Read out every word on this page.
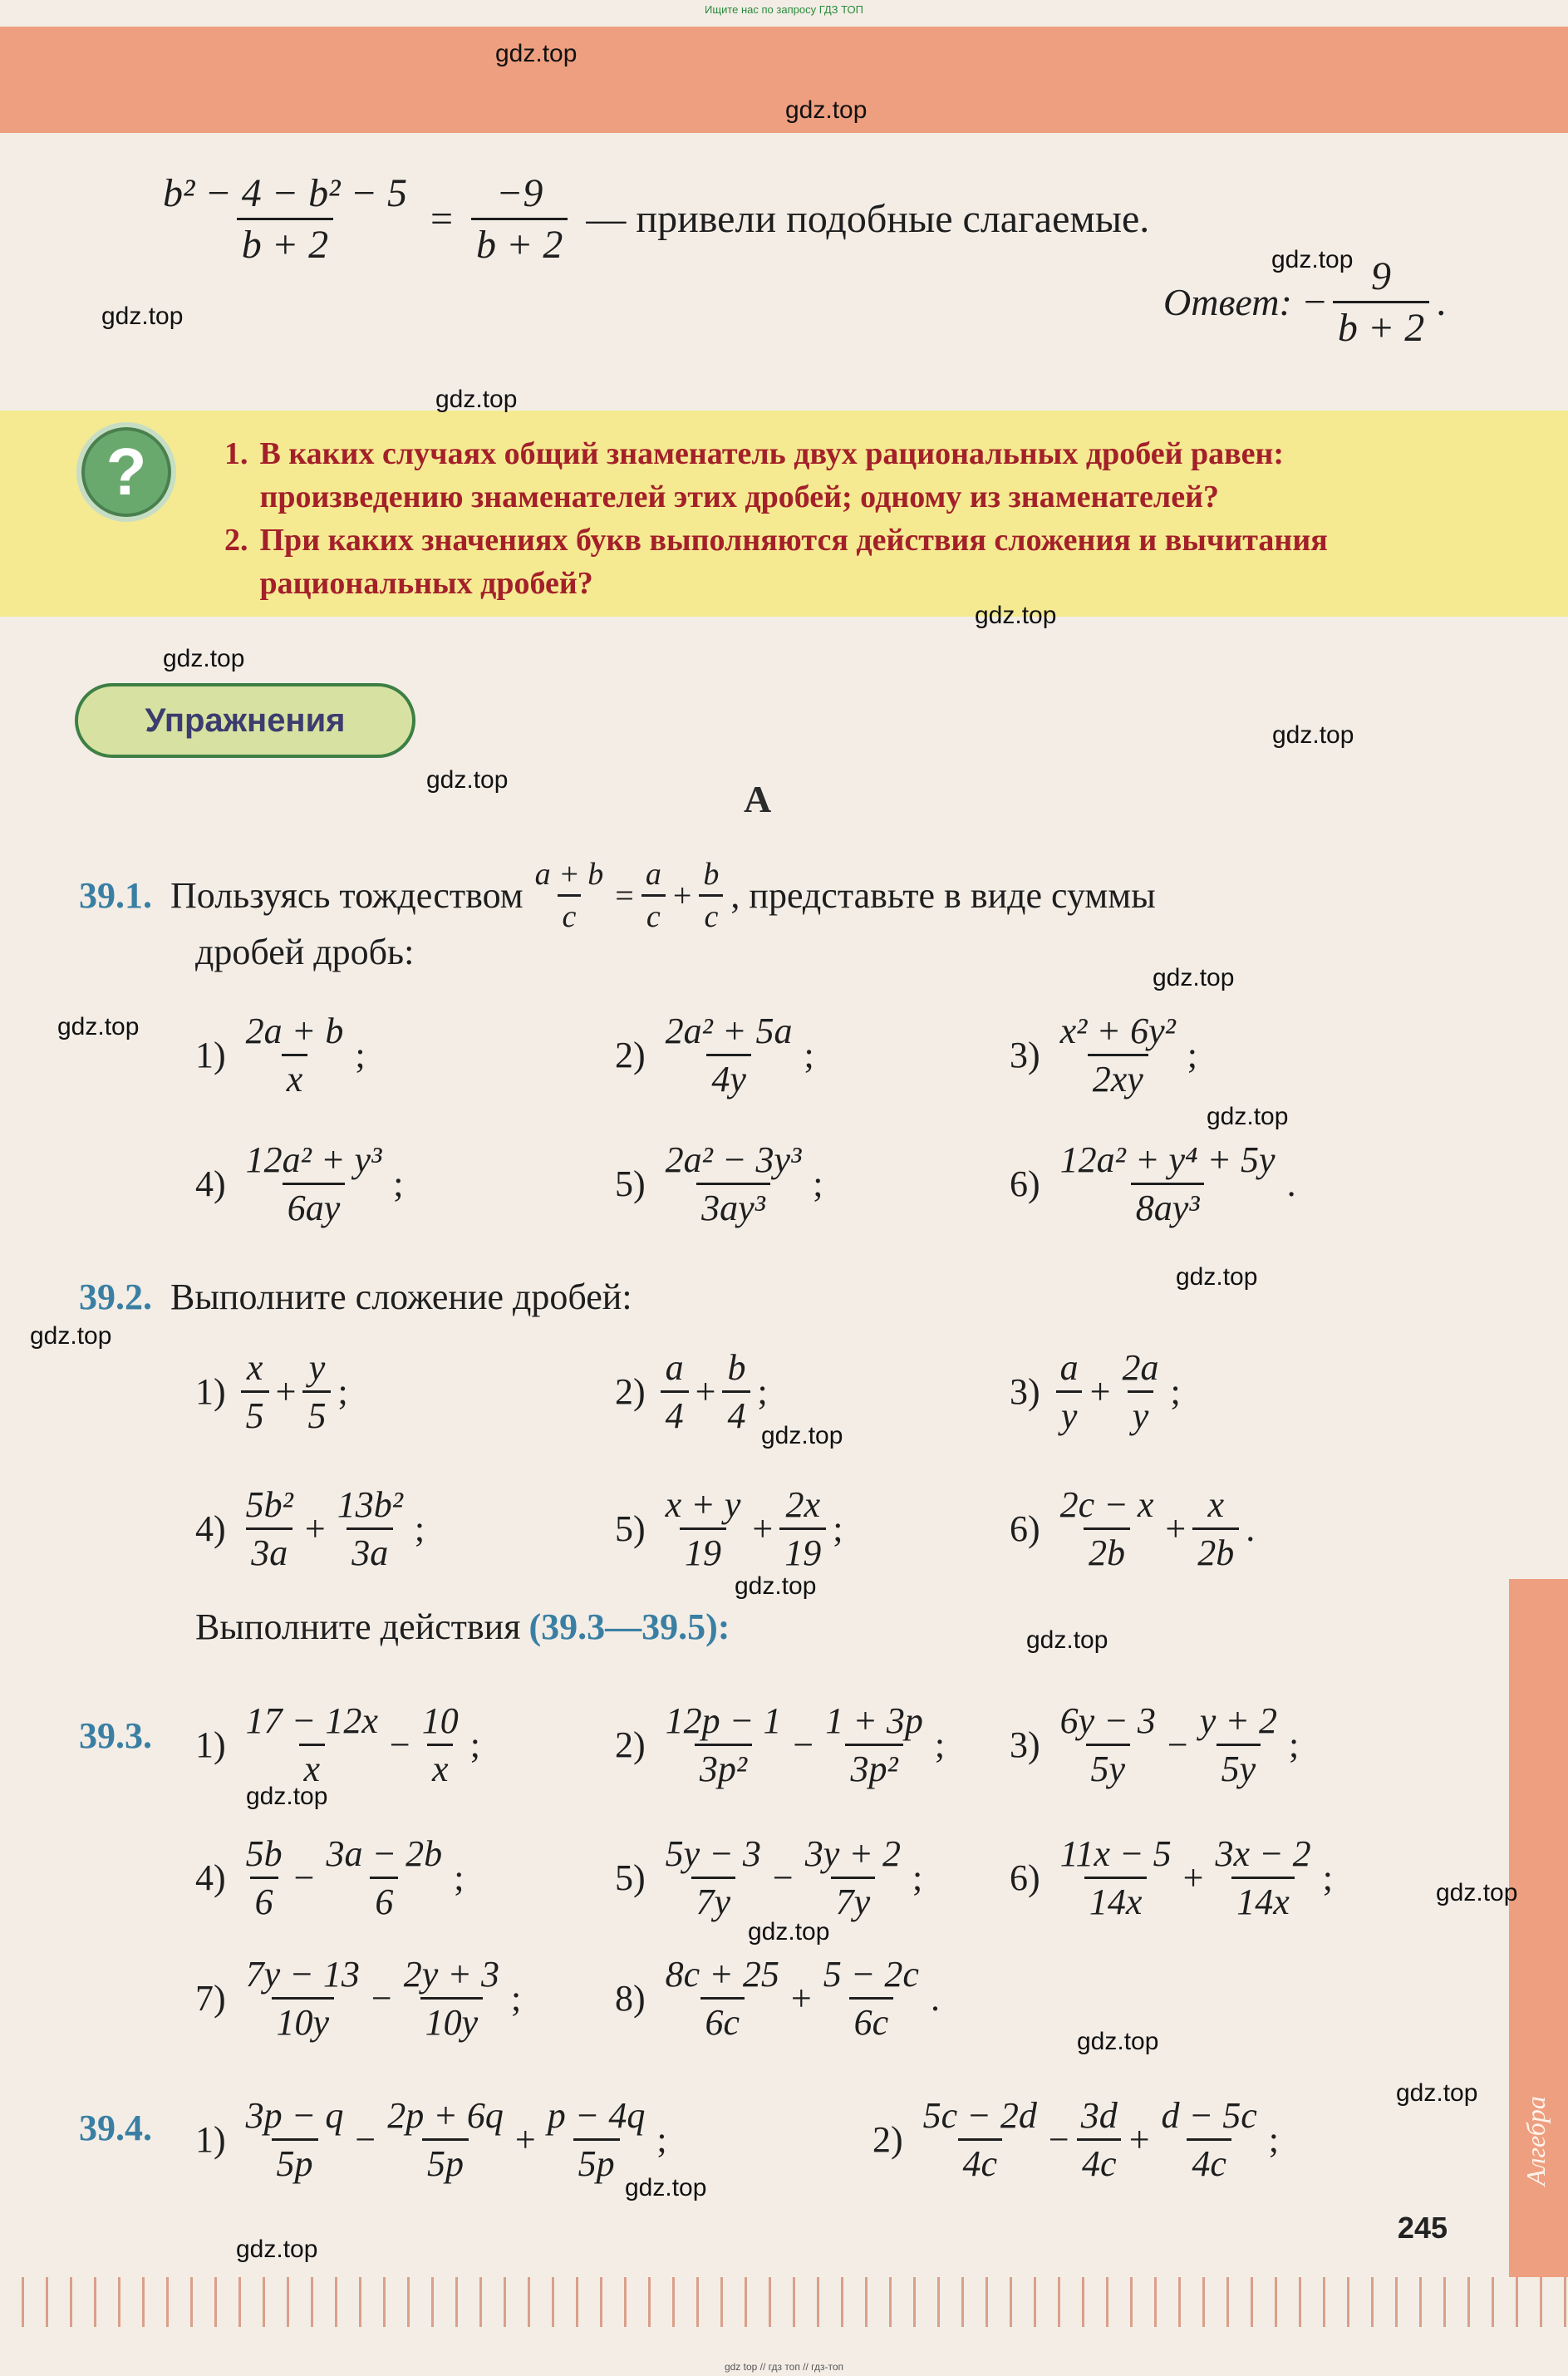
Ищите нас по запросу ГДЗ ТОП
$\frac{\text{b² − 4 − b² − 5}}{b + 2} = \frac{-9}{b + 2}$ — привели подобные слагаемые.
Ответ: − $\frac{9}{b + 2}$ .
?	1. В каких случаях общий знаменатель двух рациональных дробей равен: произведению знаменателей этих дробей; одному из знаменателей?
2. При каких значениях букв выполняются действия сложения и вычитания рациональных дробей?
Упражнения
A
39.1. Пользуясь тождеством $\frac{a + b}{c} = \frac{a}{c} + \frac{b}{c}$ , представьте в виде суммы
дробей дробь:
$1) \frac{2a + b}{x}$ ;	$2) \frac{\text{2a² + 5a}}{4y}$ ;	$3) \frac{\text{x² + 6y²}}{2xy}$ ;
$4) \frac{\text{12a² + y³}}{6ay}$ ;	$5) \frac{\text{2a² − 3y³}}{\text{3ay³}}$ ;	$6) \frac{\text{12a² + y⁴ + 5y}}{\text{8ay³}}$ .
39.2. Выполните сложение дробей:
$1) \frac{x}{5} + \frac{y}{5}$ ;	$2) \frac{a}{4} + \frac{b}{4}$ ;	$3) \frac{a}{y} + \frac{2a}{y}$ ;
$4) \frac{\text{5b²}}{3a} + \frac{\text{13b²}}{3a}$ ;	$5) \frac{x + y}{19} + \frac{2x}{19}$ ;	$6) \frac{2c - x}{2b} + \frac{x}{2b}$ .
Выполните действия (39.3—39.5):
39.3. $1) \frac{17 - 12x}{x} - \frac{10}{x}$ ;	$2) \frac{12p - 1}{\text{3p²}} - \frac{1 + 3p}{\text{3p²}}$ ; $3) \frac{6y - 3}{5y} - \frac{y + 2}{5y}$ ;
$4) \frac{5b}{6} - \frac{3a - 2b}{6}$ ;	$5) \frac{5y - 3}{7y} - \frac{3y + 2}{7y}$ ; $6) \frac{11x - 5}{14x} + \frac{3x - 2}{14x}$ ;
$7) \frac{7y - 13}{10y} - \frac{2y + 3}{10y}$ ;	$8) \frac{8c + 25}{6c} + \frac{5 - 2c}{6c}$ .
39.4. $1) \frac{3p - q}{5p} - \frac{2p + 6q}{5p} + \frac{p - 4q}{5p}$ ;	$2) \frac{5c - 2d}{4c} - \frac{3d}{4c} + \frac{d - 5c}{4c}$ ;	Алгебра
245
gdz top // гдз топ // гдз-топ
gdz.top
gdz.top
gdz.top
gdz.top
gdz.top
gdz.top
gdz.top
gdz.top
gdz.top
gdz.top
gdz.top
gdz.top
gdz.top
gdz.top
gdz.top
gdz.top
gdz.top
gdz.top
gdz.top
gdz.top
gdz.top
gdz.top
gdz.top
gdz.top
